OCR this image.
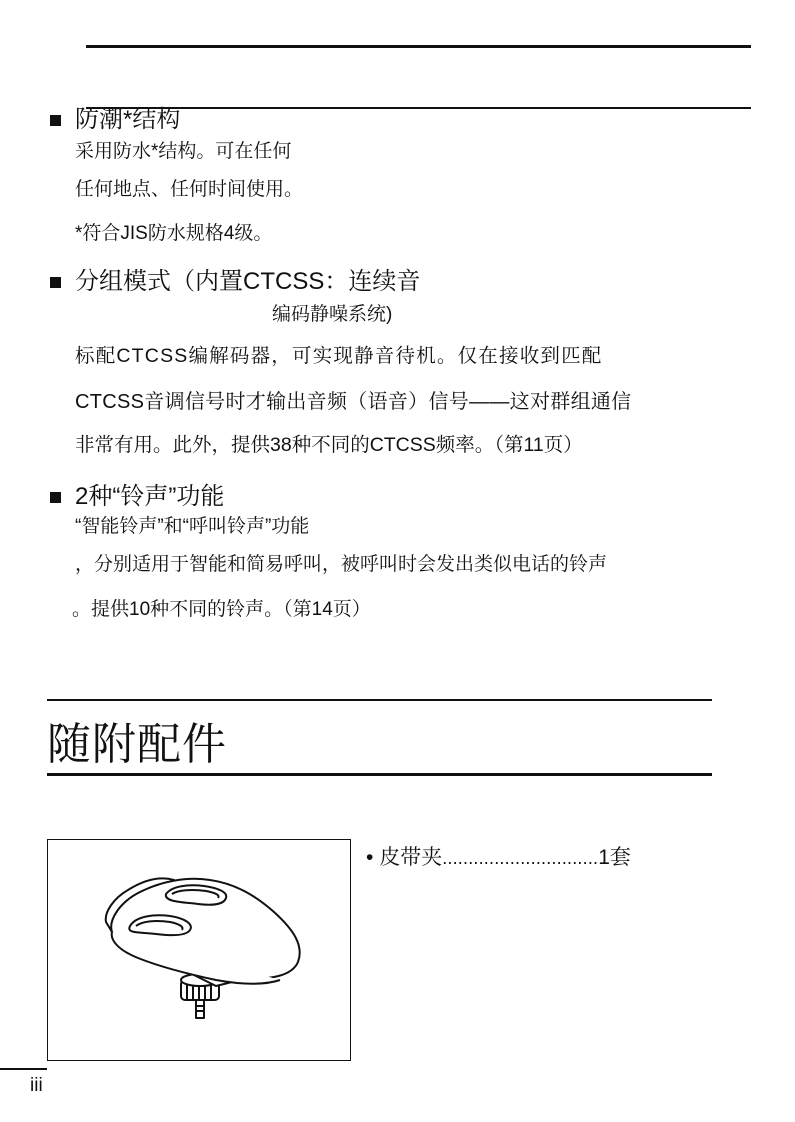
防潮*结构
采用防水*结构。可在任何
任何地点、任何时间使用。
*符合JIS防水规格4级。
分组模式（内置CTCSS：连续音
编码静噪系统)
标配CTCSS编解码器，可实现静音待机。仅在接收到匹配
CTCSS音调信号时才输出音频（语音）信号——这对群组通信
非常有用。此外，提供38种不同的CTCSS频率。（第11页）
2种“铃声”功能
“智能铃声”和“呼叫铃声”功能
，分别适用于智能和简易呼叫，被呼叫时会发出类似电话的铃声
。提供10种不同的铃声。（第14页）
随附配件
• 皮带夹..............................1套
iii
